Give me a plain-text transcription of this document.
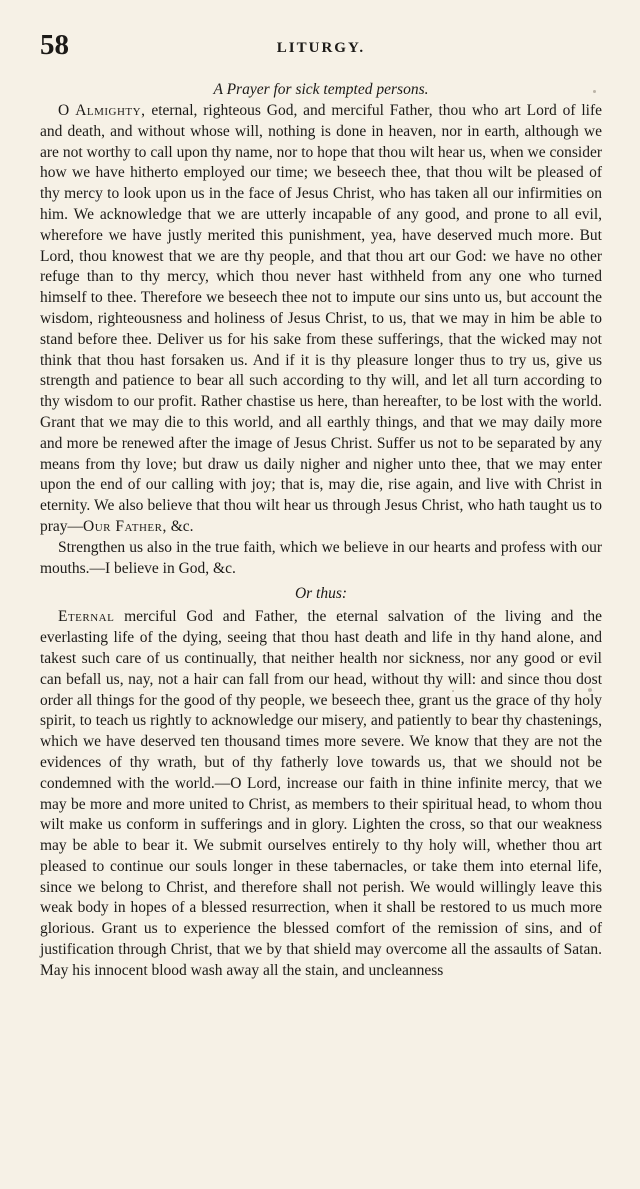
58	LITURGY.
A Prayer for sick tempted persons.

O Almighty, eternal, righteous God, and merciful Father, thou who art Lord of life and death, and without whose will, nothing is done in heaven, nor in earth, although we are not worthy to call upon thy name, nor to hope that thou wilt hear us, when we consider how we have hitherto employed our time; we beseech thee, that thou wilt be pleased of thy mercy to look upon us in the face of Jesus Christ, who has taken all our infirmities on him. We acknowledge that we are utterly incapable of any good, and prone to all evil, wherefore we have justly merited this punishment, yea, have deserved much more. But Lord, thou knowest that we are thy people, and that thou art our God: we have no other refuge than to thy mercy, which thou never hast withheld from any one who turned himself to thee. Therefore we beseech thee not to impute our sins unto us, but account the wisdom, righteousness and holiness of Jesus Christ, to us, that we may in him be able to stand before thee. Deliver us for his sake from these sufferings, that the wicked may not think that thou hast forsaken us. And if it is thy pleasure longer thus to try us, give us strength and patience to bear all such according to thy will, and let all turn according to thy wisdom to our profit. Rather chastise us here, than hereafter, to be lost with the world. Grant that we may die to this world, and all earthly things, and that we may daily more and more be renewed after the image of Jesus Christ. Suffer us not to be separated by any means from thy love; but draw us daily nigher and nigher unto thee, that we may enter upon the end of our calling with joy; that is, may die, rise again, and live with Christ in eternity. We also believe that thou wilt hear us through Jesus Christ, who hath taught us to pray—Our Father, &c.

Strengthen us also in the true faith, which we believe in our hearts and profess with our mouths.—I believe in God, &c.

Or thus:

Eternal merciful God and Father, the eternal salvation of the living and the everlasting life of the dying, seeing that thou hast death and life in thy hand alone, and takest such care of us continually, that neither health nor sickness, nor any good or evil can befall us, nay, not a hair can fall from our head, without thy will: and since thou dost order all things for the good of thy people, we beseech thee, grant us the grace of thy holy spirit, to teach us rightly to acknowledge our misery, and patiently to bear thy chastenings, which we have deserved ten thousand times more severe. We know that they are not the evidences of thy wrath, but of thy fatherly love towards us, that we should not be condemned with the world.—O Lord, increase our faith in thine infinite mercy, that we may be more and more united to Christ, as members to their spiritual head, to whom thou wilt make us conform in sufferings and in glory. Lighten the cross, so that our weakness may be able to bear it. We submit ourselves entirely to thy holy will, whether thou art pleased to continue our souls longer in these tabernacles, or take them into eternal life, since we belong to Christ, and therefore shall not perish. We would willingly leave this weak body in hopes of a blessed resurrection, when it shall be restored to us much more glorious. Grant us to experience the blessed comfort of the remission of sins, and of justification through Christ, that we by that shield may overcome all the assaults of Satan. May his innocent blood wash away all the stain, and uncleanness
